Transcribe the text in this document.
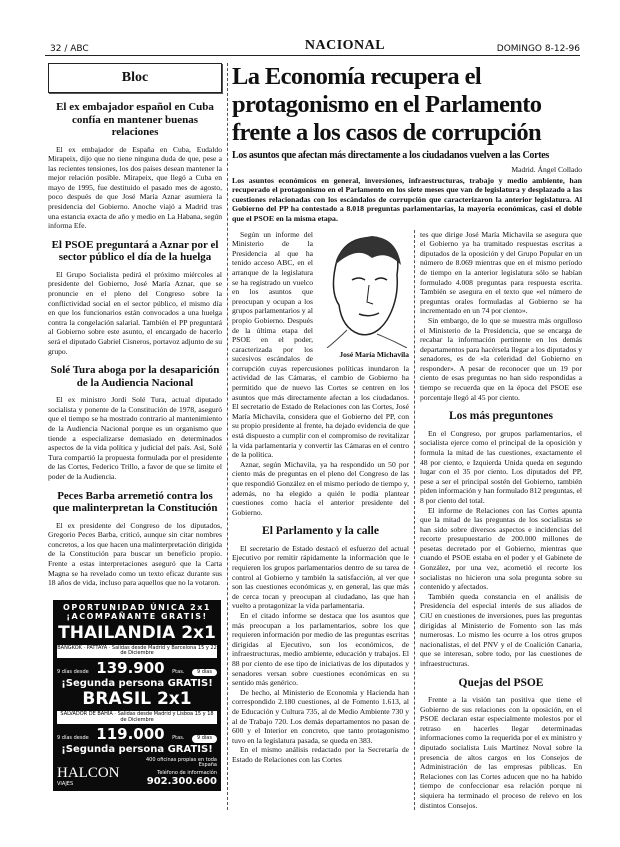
32 / ABC	NACIONAL	DOMINGO 8-12-96
Bloc
El ex embajador español en Cuba confía en mantener buenas relaciones

El ex embajador de España en Cuba, Eudaldo Mirapeix, dijo que no tiene ninguna duda de que, pese a las recientes tensiones, los dos países desean mantener la mejor relación posible. Mirapeix, que llegó a Cuba en mayo de 1995, fue destituido el pasado mes de agosto, poco después de que José María Aznar asumiera la presidencia del Gobierno. Anoche viajó a Madrid tras una estancia exacta de año y medio en La Habana, según informa Efe.

El PSOE preguntará a Aznar por el sector público el día de la huelga

El Grupo Socialista pedirá el próximo miércoles al presidente del Gobierno, José María Aznar, que se pronuncie en el pleno del Congreso sobre la conflictividad social en el sector público, el mismo día en que los funcionarios están convocados a una huelga contra la congelación salarial. También el PP preguntará al Gobierno sobre este asunto, el encargado de hacerlo será el diputado Gabriel Cisneros, portavoz adjunto de su grupo.

Solé Tura aboga por la desaparición de la Audiencia Nacional

El ex ministro Jordi Solé Tura, actual diputado socialista y ponente de la Constitución de 1978, aseguró que el tiempo se ha mostrado contrario al mantenimiento de la Audiencia Nacional porque es un organismo que tiende a especializarse demasiado en determinados aspectos de la vida política y judicial del país. Así, Solé Tura compartió la propuesta formulada por el presidente de las Cortes, Federico Trillo, a favor de que se limite el poder de la Audiencia.

Peces Barba arremetió contra los que malinterpretan la Constitución

El ex presidente del Congreso de los diputados, Gregorio Peces Barba, criticó, aunque sin citar nombres concretos, a los que hacen una malinterpretación dirigida de la Constitución para buscar un beneficio propio. Frente a estas interpretaciones aseguró que la Carta Magna se ha revelado como un texto eficaz durante sus 18 años de vida, incluso para aquellos que no la votaron.

OPORTUNIDAD ÚNICA 2x1
¡ACOMPAÑANTE GRATIS!
THAILANDIA 2x1
BANGKOK · PATTAYA · Salidas desde Madrid y Barcelona 15 y 22 de Diciembre
9 días desde 139.900 Ptas.	9 días
¡Segunda persona GRATIS!
BRASIL 2x1
SALVADOR DE BAHÍA · Salidas desde Madrid y Lisboa 15 y 18 de Diciembre
9 días desde 119.000 Ptas.	9 días
¡Segunda persona GRATIS!
HALCON
VIAJES
400 oficinas propias en toda España
Teléfono de información
902.300.600
La Economía recupera el protagonismo en el Parlamento frente a los casos de corrupción
Los asuntos que afectan más directamente a los ciudadanos vuelven a las Cortes
Madrid. Ángel Collado
Los asuntos económicos en general, inversiones, infraestructuras, trabajo y medio ambiente, han recuperado el protagonismo en el Parlamento en los siete meses que van de legislatura y desplazado a las cuestiones relacionadas con los escándalos de corrupción que caracterizaron la anterior legislatura. Al Gobierno del PP ha contestado a 8.018 preguntas parlamentarias, la mayoría económicas, casi el doble que el PSOE en la misma etapa.
José María Michavila

Según un informe del Ministerio de la Presidencia al que ha tenido acceso ABC, en el arranque de la legislatura se ha registrado un vuelco en los asuntos que preocupan y ocupan a los grupos parlamentarios y al propio Gobierno. Después de la última etapa del PSOE en el poder, caracterizada por los sucesivos escándalos de corrupción cuyas repercusiones políticas inundaron la actividad de las Cámaras, el cambio de Gobierno ha permitido que de nuevo las Cortes se centren en los asuntos que más directamente afectan a los ciudadanos. El secretario de Estado de Relaciones con las Cortes, José María Michavila, considera que el Gobierno del PP, con su propio presidente al frente, ha dejado evidencia de que está dispuesto a cumplir con el compromiso de revitalizar la vida parlamentaria y convertir las Cámaras en el centro de la política.

Aznar, según Michavila, ya ha respondido un 50 por ciento más de preguntas en el pleno del Congreso de las que respondió González en el mismo período de tiempo y, además, no ha elegido a quién le podía plantear cuestiones como hacía el anterior presidente del Gobierno.

El Parlamento y la calle

El secretario de Estado destacó el esfuerzo del actual Ejecutivo por remitir rápidamente la información que le requieren los grupos parlamentarios dentro de su tarea de control al Gobierno y también la satisfacción, al ver que son las cuestiones económicas y, en general, las que más de cerca tocan y preocupan al ciudadano, las que han vuelto a protagonizar la vida parlamentaria.

En el citado informe se destaca que los asuntos que más preocupan a los parlamentarios, sobre los que requieren información por medio de las preguntas escritas dirigidas al Ejecutivo, son los económicos, de infraestructuras, medio ambiente, educación y trabajos. El 88 por ciento de ese tipo de iniciativas de los diputados y senadores versan sobre cuestiones económicas en su sentido más genérico.

De hecho, al Ministerio de Economía y Hacienda han correspondido 2.180 cuestiones, al de Fomento 1.613, al de Educación y Cultura 735, al de Medio Ambiente 730 y al de Trabajo 720. Los demás departamentos no pasan de 600 y el Interior en concreto, que tanto protagonismo tuvo en la legislatura pasada, se queda en 383.

En el mismo análisis redactado por la Secretaría de Estado de Relaciones con las Cortes

tes que dirige José María Michavila se asegura que el Gobierno ya ha tramitado respuestas escritas a diputados de la oposición y del Grupo Popular en un número de 8.069 mientras que en el mismo período de tiempo en la anterior legislatura sólo se habían formulado 4.008 preguntas para respuesta escrita. También se asegura en el texto que «el número de preguntas orales formuladas al Gobierno se ha incrementado en un 74 por ciento».

Sin embargo, de lo que se muestra más orgulloso el Ministerio de la Presidencia, que se encarga de recabar la información pertinente en los demás departamentos para hacérsela llegar a los diputados y senadores, es de «la celeridad del Gobierno en responder». A pesar de reconocer que un 19 por ciento de esas preguntas no han sido respondidas a tiempo se recuerda que en la época del PSOE ese porcentaje llegó al 45 por ciento.

Los más preguntones

En el Congreso, por grupos parlamentarios, el socialista ejerce como el principal de la oposición y formula la mitad de las cuestiones, exactamente el 48 por ciento, e Izquierda Unida queda en segundo lugar con el 35 por ciento. Los diputados del PP, pese a ser el principal sostén del Gobierno, también piden información y han formulado 812 preguntas, el 8 por ciento del total.

El informe de Relaciones con las Cortes apunta que la mitad de las preguntas de los socialistas se han sido sobre diversos aspectos e incidencias del recorte presupuestario de 200.000 millones de pesetas decretado por el Gobierno, mientras que cuando el PSOE estaba en el poder y el Gabinete de González, por una vez, acometió el recorte los socialistas no hicieron una sola pregunta sobre su contenido y afectados.

También queda constancia en el análisis de Presidencia del especial interés de sus aliados de CiU en cuestiones de inversiones, pues las preguntas dirigidas al Ministerio de Fomento son las más numerosas. Lo mismo les ocurre a los otros grupos nacionalistas, el del PNV y el de Coalición Canaria, que se interesan, sobre todo, por las cuestiones de infraestructuras.

Quejas del PSOE

Frente a la visión tan positiva que tiene el Gobierno de sus relaciones con la oposición, en el PSOE declaran estar especialmente molestos por el retraso en hacerles llegar determinadas informaciones como la requerida por el ex ministro y diputado socialista Luis Martínez Noval sobre la presencia de altos cargos en los Consejos de Administración de las empresas públicas. En Relaciones con las Cortes aducen que no ha habido tiempo de confeccionar esa relación porque ni siquiera ha terminado el proceso de relevo en los distintos Consejos.
